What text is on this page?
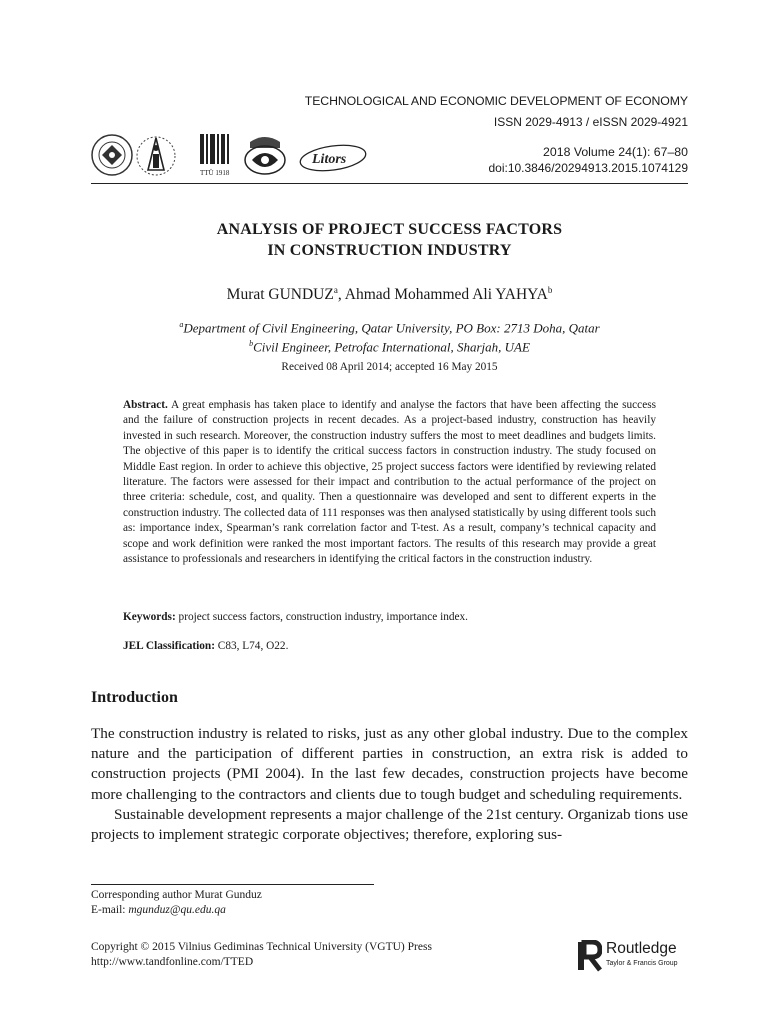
TECHNOLOGICAL AND ECONOMIC DEVELOPMENT OF ECONOMY
ISSN 2029-4913 / eISSN 2029-4921
2018 Volume 24(1): 67–80
doi:10.3846/20294913.2015.1074129
TTÜ 1918
Litors
ANALYSIS OF PROJECT SUCCESS FACTORS
IN CONSTRUCTION INDUSTRY
Murat GUNDUZ$^a$, Ahmad Mohammed Ali YAHYA$^b$
$^a$Department of Civil Engineering, Qatar University, PO Box: 2713 Doha, Qatar
$^b$Civil Engineer, Petrofac International, Sharjah, UAE
Received 08 April 2014; accepted 16 May 2015
Abstract. A great emphasis has taken place to identify and analyse the factors that have been affecting the success and the failure of construction projects in recent decades. As a project-based industry, construction has heavily invested in such research. Moreover, the construction industry suffers the most to meet deadlines and budgets limits. The objective of this paper is to identify the critical success factors in construction industry. The study focused on Middle East region. In order to achieve this objective, 25 project success factors were identified by reviewing related literature. The factors were assessed for their impact and contribution to the actual performance of the project on three criteria: schedule, cost, and quality. Then a questionnaire was developed and sent to different experts in the construction industry. The collected data of 111 responses was then analysed statistically by using different tools such as: importance index, Spearman’s rank correlation factor and T-test. As a result, company’s technical capacity and scope and work definition were ranked the most important factors. The results of this research may provide a great assistance to professionals and researchers in identifying the critical factors in the construction industry.
Keywords: project success factors, construction industry, importance index.
JEL Classification: C83, L74, O22.
Introduction

The construction industry is related to risks, just as any other global industry. Due to the complex nature and the participation of different parties in construction, an extra risk is added to construction projects (PMI 2004). In the last few decades, construction projects have become more challenging to the contractors and clients due to tough budget and scheduling requirements.

Sustainable development represents a major challenge of the 21st century. Organizab tions use projects to implement strategic corporate objectives; therefore, exploring sus-

Corresponding author Murat Gunduz
E-mail: mgunduz@qu.edu.qa
Copyright © 2015 Vilnius Gediminas Technical University (VGTU) Press
http://www.tandfonline.com/TTED
Routledge
Taylor & Francis Group
